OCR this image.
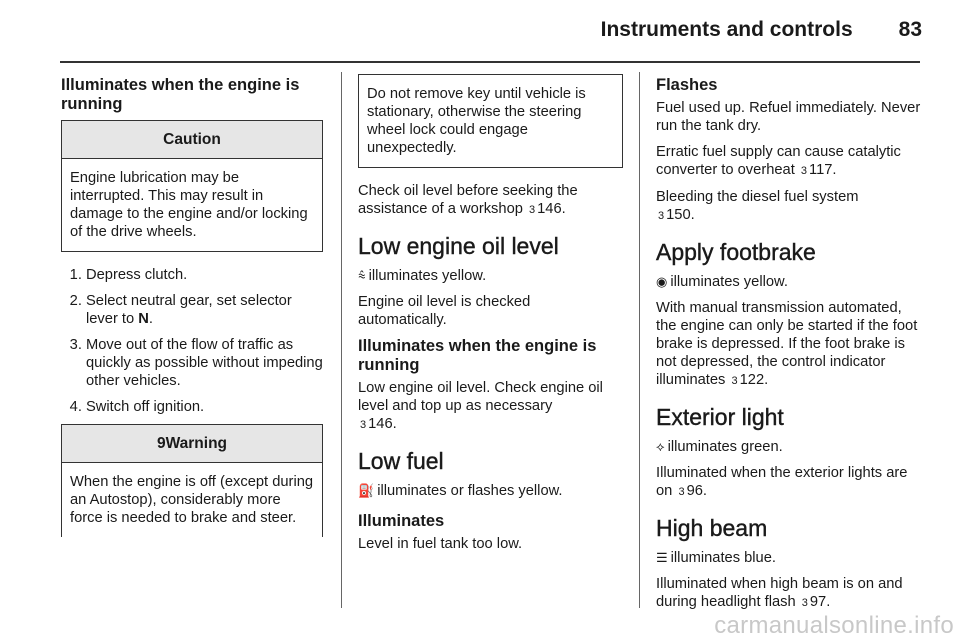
Instruments and controls 83
Illuminates when the engine is running
Caution
Engine lubrication may be interrupted. This may result in damage to the engine and/or locking of the drive wheels.
1. Depress clutch.
2. Select neutral gear, set selector lever to N.
3. Move out of the flow of traffic as quickly as possible without impeding other vehicles.
4. Switch off ignition.
9Warning
When the engine is off (except during an Autostop), considerably more force is needed to brake and steer.
Do not remove key until vehicle is stationary, otherwise the steering wheel lock could engage unexpectedly.

Check oil level before seeking the assistance of a workshop 3 146.

Low engine oil level

⩯ illuminates yellow.

Engine oil level is checked automatically.

Illuminates when the engine is running

Low engine oil level. Check engine oil level and top up as necessary
3 146.

Low fuel

⛽ illuminates or flashes yellow.

Illuminates

Level in fuel tank too low.

Flashes

Fuel used up. Refuel immediately. Never run the tank dry.

Erratic fuel supply can cause catalytic converter to overheat 3 117.

Bleeding the diesel fuel system
3 150.

Apply footbrake

◉ illuminates yellow.

With manual transmission automated, the engine can only be started if the foot brake is depressed. If the foot brake is not depressed, the control indicator illuminates 3 122.

Exterior light

⟡ illuminates green.

Illuminated when the exterior lights are on 3 96.

High beam

☰ illuminates blue.

Illuminated when high beam is on and during headlight flash 3 97.

carmanualsonline.info
